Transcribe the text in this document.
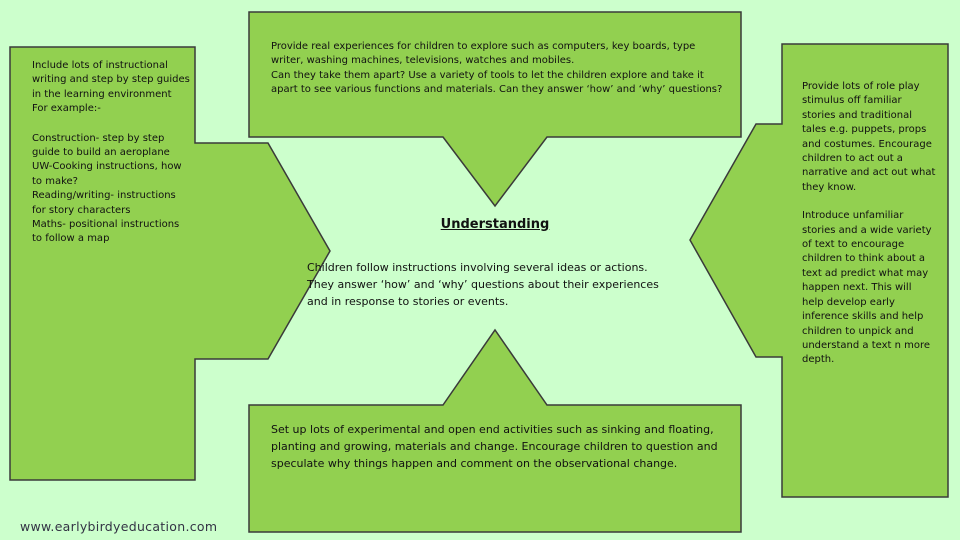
Understanding

Children follow instructions involving several ideas or actions. They answer ‘how’ and ‘why’ questions about their experiences and in response to stories or events.

Include lots of instructional writing and step by step guides in the learning environment
For example:-
Construction- step by step guide to build an aeroplane
UW-Cooking instructions, how to make?
Reading/writing- instructions for story characters
Maths- positional instructions to follow a map

Provide real experiences for children to explore such as computers, key boards, type writer, washing machines, televisions, watches and mobiles.
Can they take them apart? Use a variety of tools to let the children explore and take it apart to see various functions and materials. Can they answer ‘how’ and ‘why’ questions?	Provide lots of role play stimulus off familiar stories and traditional tales e.g. puppets, props and costumes. Encourage children to act out a narrative and act out what they know.
Introduce unfamiliar stories and a wide variety of text to encourage children to think about a text ad predict what may happen next. This will help develop early inference skills and help children to unpick and understand a text n more depth.

Set up lots of experimental and open end activities such as sinking and floating, planting and growing, materials and change. Encourage children to question and speculate why things happen and comment on the observational change.

www.earlybirdyeducation.com
